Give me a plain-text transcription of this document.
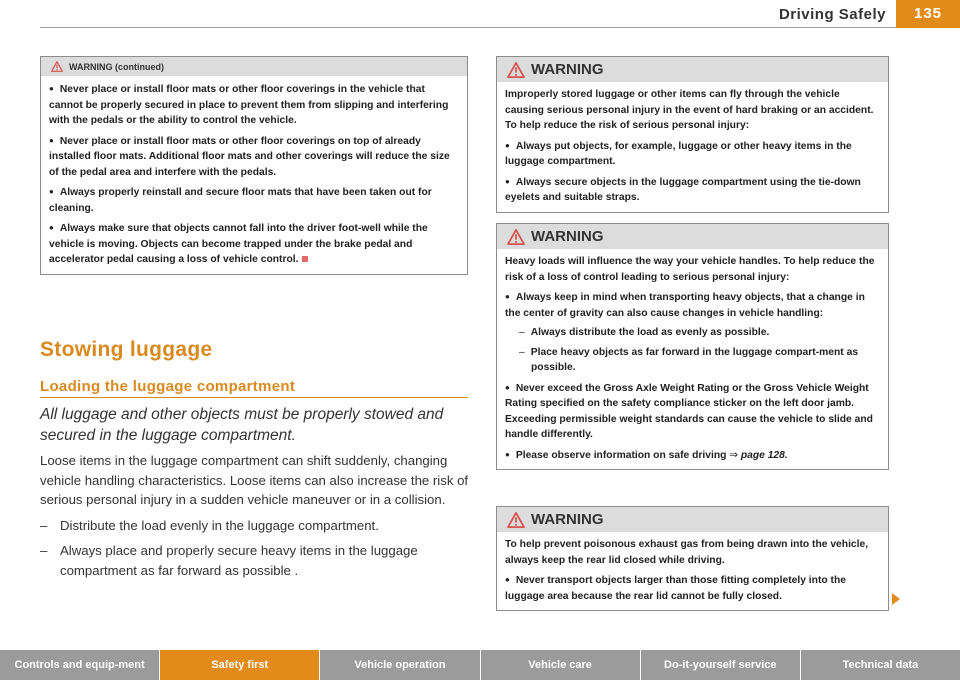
Driving Safely	135
WARNING (continued)

● Never place or install floor mats or other floor coverings in the vehicle that cannot be properly secured in place to prevent them from slipping and interfering with the pedals or the ability to control the vehicle.

● Never place or install floor mats or other floor coverings on top of already installed floor mats. Additional floor mats and other coverings will reduce the size of the pedal area and interfere with the pedals.

● Always properly reinstall and secure floor mats that have been taken out for cleaning.

● Always make sure that objects cannot fall into the driver foot-well while the vehicle is moving. Objects can become trapped under the brake pedal and accelerator pedal causing a loss of vehicle control.

Stowing luggage
Loading the luggage compartment
All luggage and other objects must be properly stowed and secured in the luggage compartment.

Loose items in the luggage compartment can shift suddenly, changing vehicle handling characteristics. Loose items can also increase the risk of serious personal injury in a sudden vehicle maneuver or in a collision.

– Distribute the load evenly in the luggage compartment.

– Always place and properly secure heavy items in the luggage compartment as far forward as possible .

WARNING

Improperly stored luggage or other items can fly through the vehicle causing serious personal injury in the event of hard braking or an accident. To help reduce the risk of serious personal injury:

● Always put objects, for example, luggage or other heavy items in the luggage compartment.

● Always secure objects in the luggage compartment using the tie-down eyelets and suitable straps.

WARNING

Heavy loads will influence the way your vehicle handles. To help reduce the risk of a loss of control leading to serious personal injury:

● Always keep in mind when transporting heavy objects, that a change in the center of gravity can also cause changes in vehicle handling:

– Always distribute the load as evenly as possible.

– Place heavy objects as far forward in the luggage compart-ment as possible.

● Never exceed the Gross Axle Weight Rating or the Gross Vehicle Weight Rating specified on the safety compliance sticker on the left door jamb. Exceeding permissible weight standards can cause the vehicle to slide and handle differently.

● Please observe information on safe driving ⇒ page 128.

WARNING

To help prevent poisonous exhaust gas from being drawn into the vehicle, always keep the rear lid closed while driving.

● Never transport objects larger than those fitting completely into the luggage area because the rear lid cannot be fully closed.

Controls and equip-ment	Safety first	Vehicle operation	Vehicle care	Do-it-yourself service	Technical data
